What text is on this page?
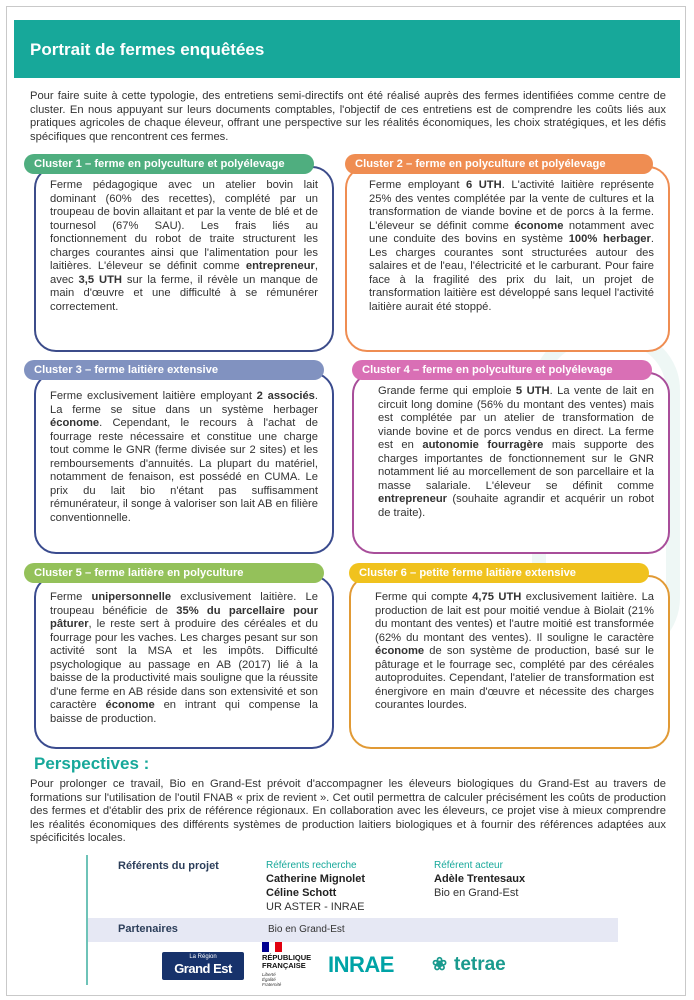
Portrait de fermes enquêtées
Pour faire suite à cette typologie, des entretiens semi-directifs ont été réalisé auprès des fermes identifiées comme centre de cluster. En nous appuyant sur leurs documents comptables, l'objectif de ces entretiens est de comprendre les coûts liés aux pratiques agricoles de chaque éleveur, offrant une perspective sur les réalités économiques, les choix stratégiques, et les défis spécifiques que rencontrent ces fermes.
Cluster 1 – ferme en polyculture et polyélevage

Ferme pédagogique avec un atelier bovin lait dominant (60% des recettes), complété par un troupeau de bovin allaitant et par la vente de blé et de tournesol (67% SAU). Les frais liés au fonctionnement du robot de traite structurent les charges courantes ainsi que l'alimentation pour les laitières. L'éleveur se définit comme entrepreneur, avec 3,5 UTH sur la ferme, il révèle un manque de main d'œuvre et une difficulté à se rémunérer correctement.

Cluster 2 – ferme en polyculture et polyélevage

Ferme employant 6 UTH. L'activité laitière représente 25% des ventes complétée par la vente de cultures et la transformation de viande bovine et de porcs à la ferme. L'éleveur se définit comme économe notamment avec une conduite des bovins en système 100% herbager. Les charges courantes sont structurées autour des salaires et de l'eau, l'électricité et le carburant. Pour faire face à la fragilité des prix du lait, un projet de transformation laitière est développé sans lequel l'activité laitière aurait été stoppé.

Cluster 3 – ferme laitière extensive

Ferme exclusivement laitière employant 2 associés. La ferme se situe dans un système herbager économe. Cependant, le recours à l'achat de fourrage reste nécessaire et constitue une charge tout comme le GNR (ferme divisée sur 2 sites) et les remboursements d'annuités. La plupart du matériel, notamment de fenaison, est possédé en CUMA. Le prix du lait bio n'étant pas suffisamment rémunérateur, il songe à valoriser son lait AB en filière conventionnelle.

Cluster 4 – ferme en polyculture et polyélevage

Grande ferme qui emploie 5 UTH. La vente de lait en circuit long domine (56% du montant des ventes) mais est complétée par un atelier de transformation de viande bovine et de porcs vendus en direct. La ferme est en autonomie fourragère mais supporte des charges importantes de fonctionnement sur le GNR notamment lié au morcellement de son parcellaire et la masse salariale. L'éleveur se définit comme entrepreneur (souhaite agrandir et acquérir un robot de traite).

Cluster 5 – ferme laitière en polyculture

Ferme unipersonnelle exclusivement laitière. Le troupeau bénéficie de 35% du parcellaire pour pâturer, le reste sert à produire des céréales et du fourrage pour les vaches. Les charges pesant sur son activité sont la MSA et les impôts. Difficulté psychologique au passage en AB (2017) lié à la baisse de la productivité mais souligne que la réussite d'une ferme en AB réside dans son extensivité et son caractère économe en intrant qui compense la baisse de production.

Cluster 6 – petite ferme laitière extensive

Ferme qui compte 4,75 UTH exclusivement laitière. La production de lait est pour moitié vendue à Biolait (21% du montant des ventes) et l'autre moitié est transformée (62% du montant des ventes). Il souligne le caractère économe de son système de production, basé sur le pâturage et le fourrage sec, complété par des céréales autoproduites. Cependant, l'atelier de transformation est énergivore en main d'œuvre et nécessite des charges courantes lourdes.

Perspectives :
Pour prolonger ce travail, Bio en Grand-Est prévoit d'accompagner les éleveurs biologiques du Grand-Est au travers de formations sur l'utilisation de l'outil FNAB « prix de revient ». Cet outil permettra de calculer précisément les coûts de production des fermes et d'établir des prix de référence régionaux. En collaboration avec les éleveurs, ce projet vise à mieux comprendre les réalités économiques des différents systèmes de production laitiers biologiques et à fournir des références adaptées aux spécificités locales.
Référents du projet	Référents recherche
Catherine Mignolet
Céline Schott
UR ASTER - INRAE
Référent acteur
Adèle Trentesaux
Bio en Grand-Est
Partenaires	Bio en Grand-Est
La Région
Grand Est
RÉPUBLIQUE
FRANÇAISE
Liberté
Égalité
Fraternité
INRAE ❀ tetrae
